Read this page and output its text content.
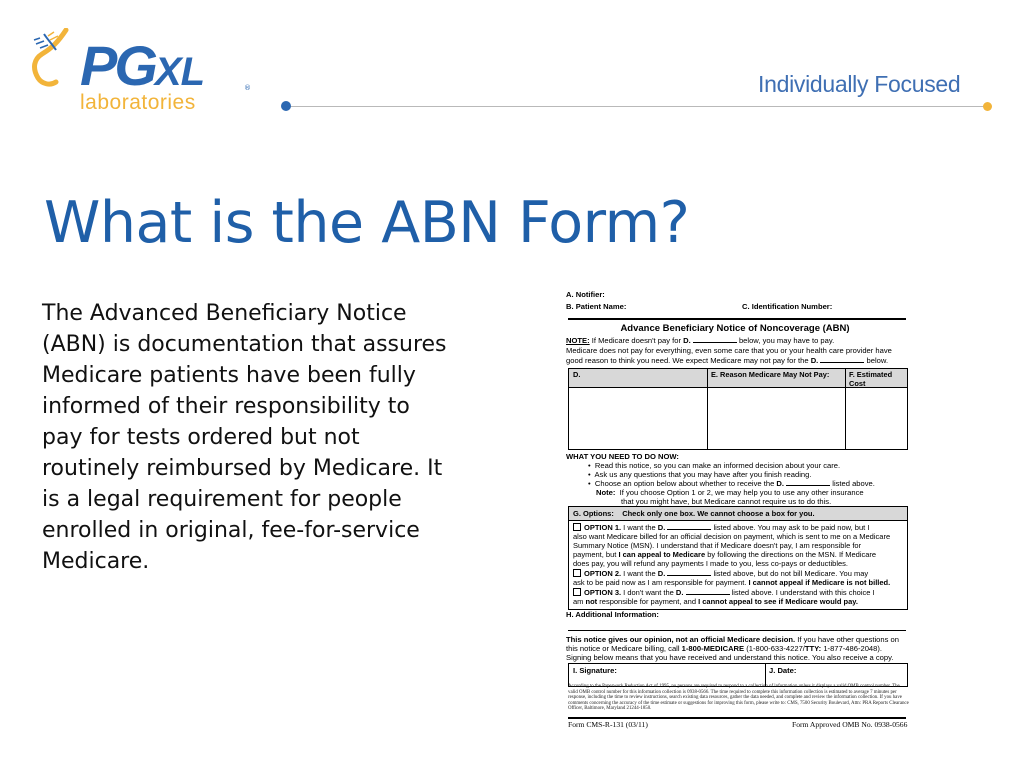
PGXL	®
laboratories
Individually Focused
What is the ABN Form?

The Advanced Beneficiary Notice (ABN) is documentation that assures Medicare patients have been fully informed of their responsibility to pay for tests ordered but not routinely reimbursed by Medicare. It is a legal requirement for people enrolled in original, fee-for-service Medicare.

A. Notifier:
B. Patient Name:	C. Identification Number:
Advance Beneficiary Notice of Noncoverage (ABN)
NOTE: If Medicare doesn't pay for D.	below, you may have to pay.
Medicare does not pay for everything, even some care that you or your health care provider have
good reason to think you need. We expect Medicare may not pay for the D.	below.
D.	E. Reason Medicare May Not Pay:	F. Estimated Cost
WHAT YOU NEED TO DO NOW:
•  Read this notice, so you can make an informed decision about your care.
•  Ask us any questions that you may have after you finish reading.
•  Choose an option below about whether to receive the D.	listed above.
Note: If you choose Option 1 or 2, we may help you to use any other insurance
that you might have, but Medicare cannot require us to do this.
G. Options: Check only one box. We cannot choose a box for you.
OPTION 1. I want the D.	listed above. You may ask to be paid now, but I
also want Medicare billed for an official decision on payment, which is sent to me on a Medicare
Summary Notice (MSN). I understand that if Medicare doesn't pay, I am responsible for
payment, but I can appeal to Medicare by following the directions on the MSN. If Medicare
does pay, you will refund any payments I made to you, less co-pays or deductibles.
OPTION 2. I want the D.	listed above, but do not bill Medicare. You may
ask to be paid now as I am responsible for payment. I cannot appeal if Medicare is not billed.
OPTION 3. I don't want the D.	listed above. I understand with this choice I
am not responsible for payment, and I cannot appeal to see if Medicare would pay.
H. Additional Information:
This notice gives our opinion, not an official Medicare decision. If you have other questions on
this notice or Medicare billing, call 1-800-MEDICARE (1-800-633-4227/TTY: 1-877-486-2048).
Signing below means that you have received and understand this notice. You also receive a copy.
I. Signature:	J. Date:
According to the Paperwork Reduction Act of 1995, no persons are required to respond to a collection of information unless it displays a valid OMB control number. The valid OMB control number for this information collection is 0938-0566. The time required to complete this information collection is estimated to average 7 minutes per response, including the time to review instructions, search existing data resources, gather the data needed, and complete and review the information collection. If you have comments concerning the accuracy of the time estimate or suggestions for improving this form, please write to: CMS, 7500 Security Boulevard, Attn: PRA Reports Clearance Officer, Baltimore, Maryland 21244-1850.
Form CMS-R-131 (03/11)	Form Approved OMB No. 0938-0566
